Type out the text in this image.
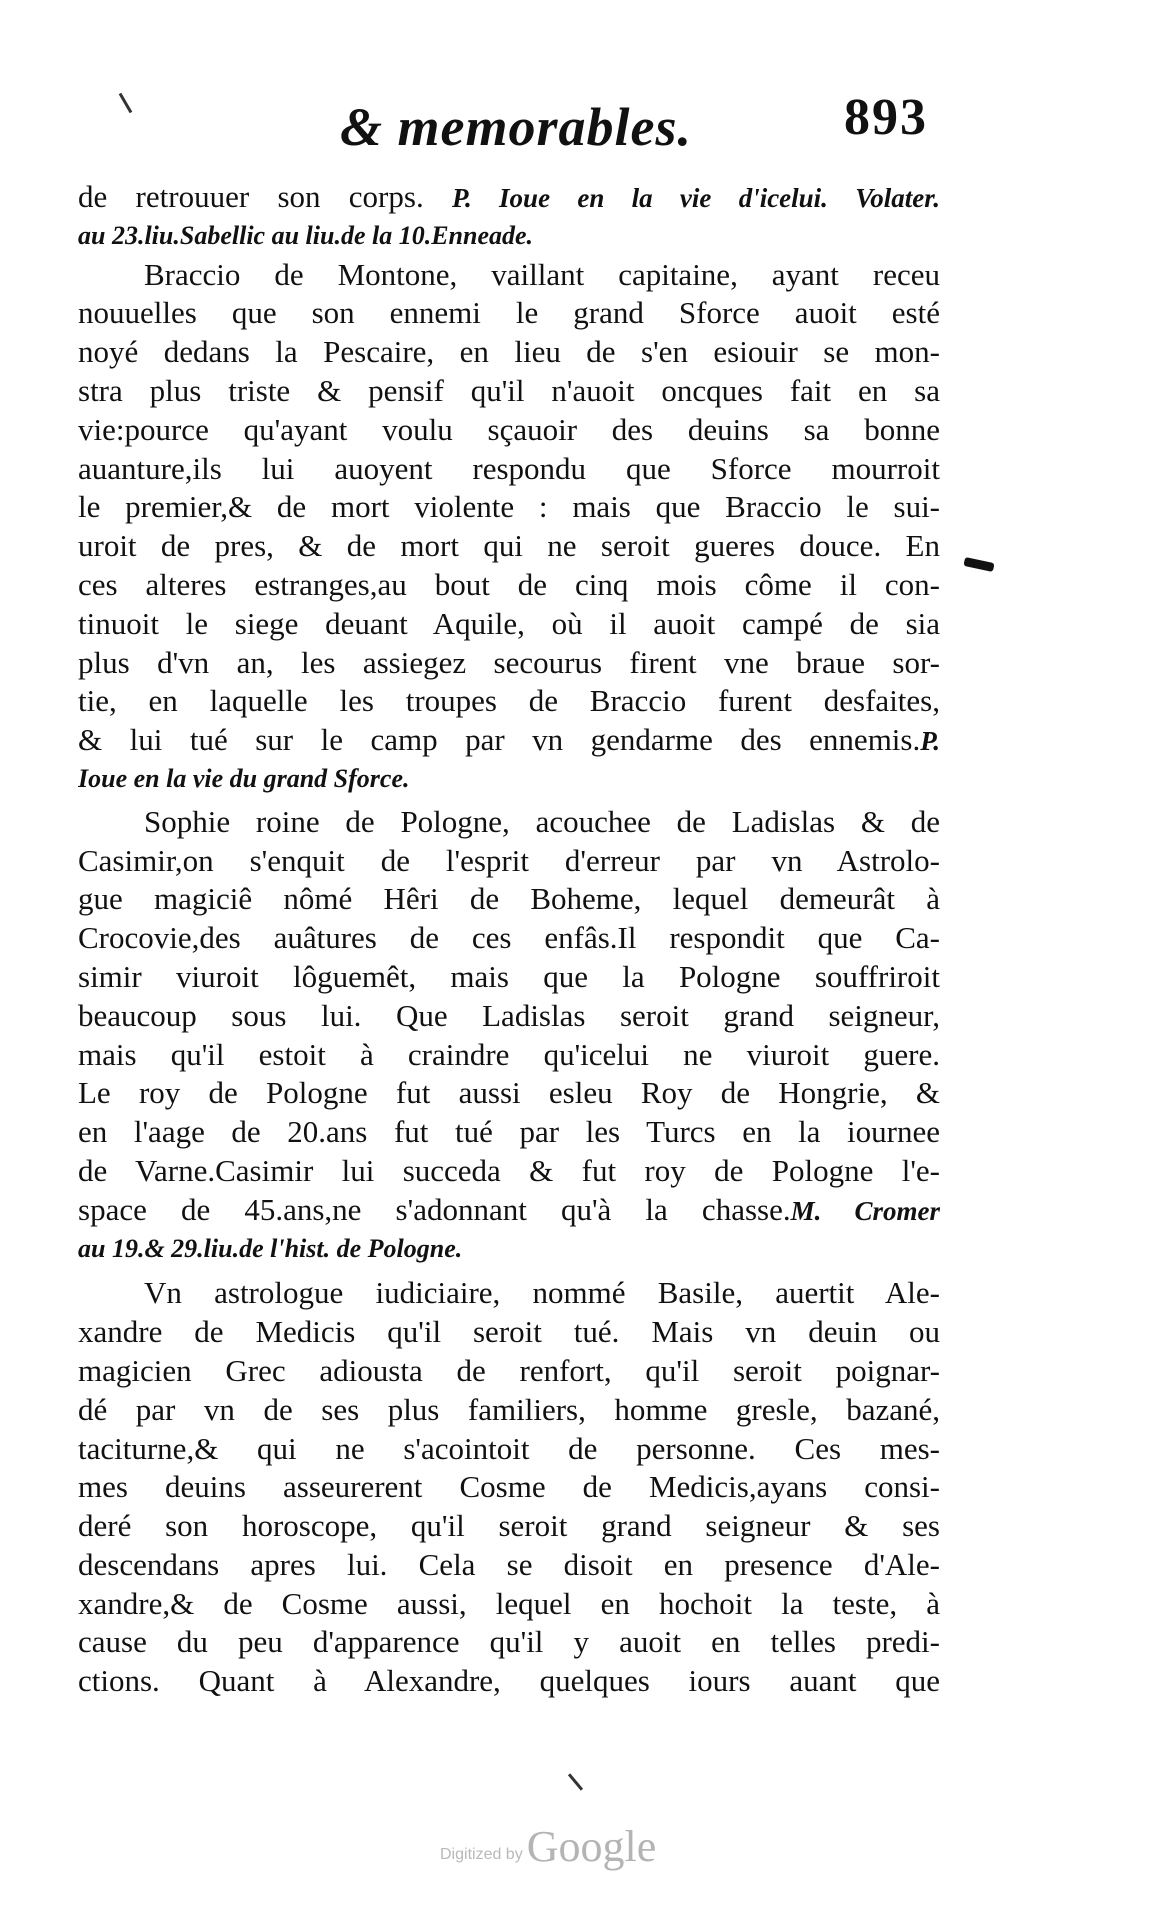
& memorables.	893
de retrouuer son corps. P. Ioue en la vie d'icelui. Volater.
au 23.liu.Sabellic au liu.de la 10.Enneade.
Braccio de Montone, vaillant capitaine, ayant receu
nouuelles que son ennemi le grand Sforce auoit esté
noyé dedans la Pescaire, en lieu de s'en esiouir se mon-
stra plus triste & pensif qu'il n'auoit oncques fait en sa
vie:pource qu'ayant voulu sçauoir des deuins sa bonne
auanture,ils lui auoyent respondu que Sforce mourroit
le premier,& de mort violente : mais que Braccio le sui-
uroit de pres, & de mort qui ne seroit gueres douce. En
ces alteres estranges,au bout de cinq mois côme il con-
tinuoit le siege deuant Aquile, où il auoit campé de sia
plus d'vn an, les assiegez secourus firent vne braue sor-
tie, en laquelle les troupes de Braccio furent desfaites,
& lui tué sur le camp par vn gendarme des ennemis.P.
Ioue en la vie du grand Sforce.
Sophie roine de Pologne, acouchee de Ladislas & de
Casimir,on s'enquit de l'esprit d'erreur par vn Astrolo-
gue magiciê nômé Hêri de Boheme, lequel demeurât à
Crocovie,des auâtures de ces enfâs.Il respondit que Ca-
simir viuroit lôguemêt, mais que la Pologne souffriroit
beaucoup sous lui. Que Ladislas seroit grand seigneur,
mais qu'il estoit à craindre qu'icelui ne viuroit guere.
Le roy de Pologne fut aussi esleu Roy de Hongrie, &
en l'aage de 20.ans fut tué par les Turcs en la iournee
de Varne.Casimir lui succeda & fut roy de Pologne l'e-
space de 45.ans,ne s'adonnant qu'à la chasse.M. Cromer
au 19.& 29.liu.de l'hist. de Pologne.
Vn astrologue iudiciaire, nommé Basile, auertit Ale-
xandre de Medicis qu'il seroit tué. Mais vn deuin ou
magicien Grec adiousta de renfort, qu'il seroit poignar-
dé par vn de ses plus familiers, homme gresle, bazané,
taciturne,& qui ne s'acointoit de personne. Ces mes-
mes deuins asseurerent Cosme de Medicis,ayans consi-
deré son horoscope, qu'il seroit grand seigneur & ses
descendans apres lui. Cela se disoit en presence d'Ale-
xandre,& de Cosme aussi, lequel en hochoit la teste, à
cause du peu d'apparence qu'il y auoit en telles predi-
ctions. Quant à Alexandre, quelques iours auant que
Digitized by Google
